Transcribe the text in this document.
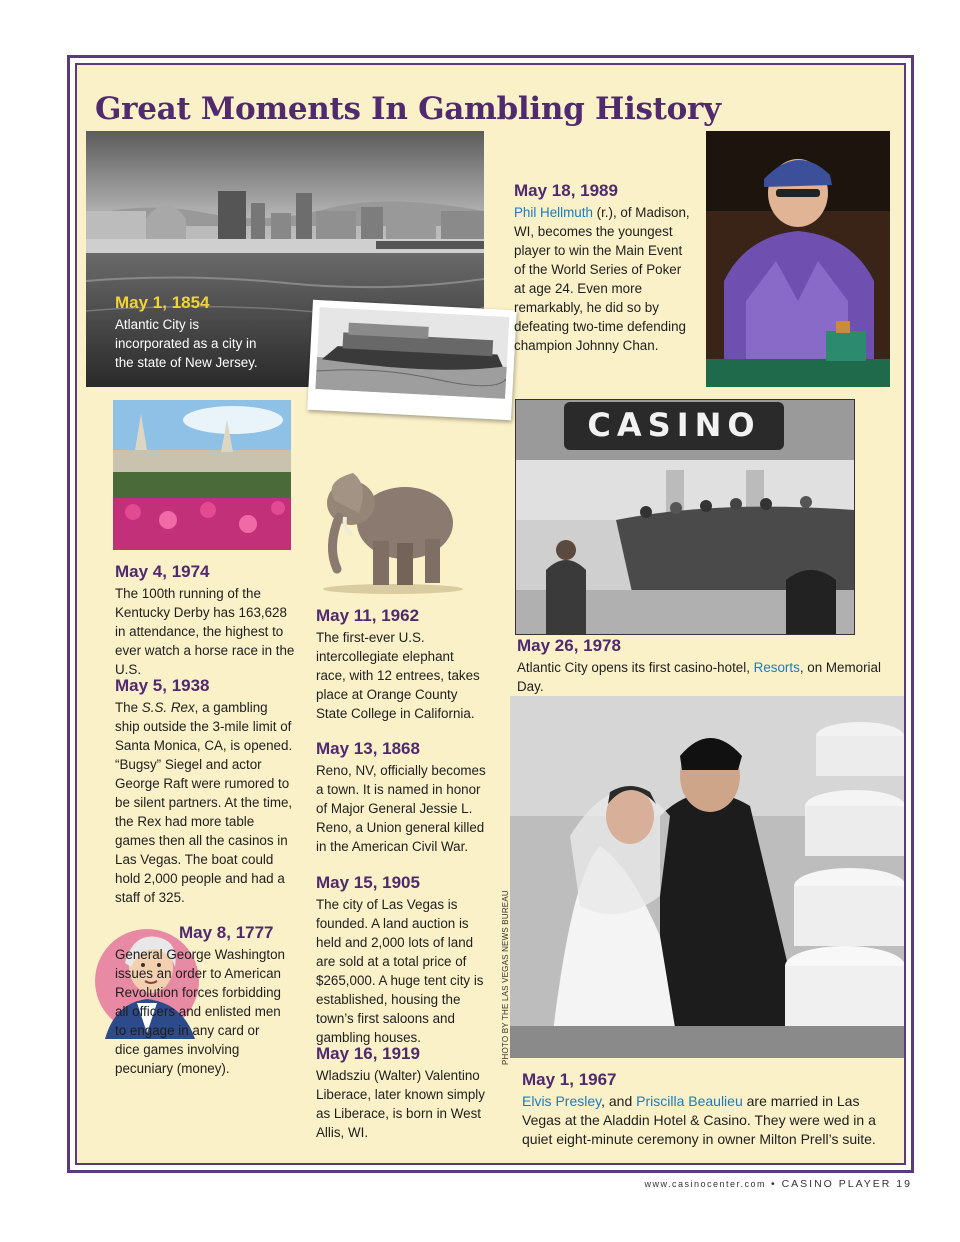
Great Moments In Gambling History

May 1, 1854

Atlantic City is incorporated as a city in the state of New Jersey.

May 18, 1989

Phil Hellmuth (r.), of Madison, WI, becomes the youngest player to win the Main Event of the World Series of Poker at age 24. Even more remarkably, he did so by defeating two-time defending champion Johnny Chan.

May 4, 1974

The 100th running of the Kentucky Derby has 163,628 in attendance, the highest to ever watch a horse race in the U.S.

May 5, 1938

The S.S. Rex, a gambling ship outside the 3-mile limit of Santa Monica, CA, is opened. “Bugsy” Siegel and actor George Raft were rumored to be silent partners. At the time, the Rex had more table games then all the casinos in Las Vegas. The boat could hold 2,000 people and had a staff of 325.

May 8, 1777

General George Washington issues an order to American Revolution forces forbidding all officers and enlisted men to engage in any card or dice games involving pecuniary (money).

May 11, 1962

The first-ever U.S. intercollegiate elephant race, with 12 entrees, takes place at Orange County State College in California.

May 13, 1868

Reno, NV, officially becomes a town. It is named in honor of Major General Jessie L. Reno, a Union general killed in the American Civil War.

May 15, 1905

The city of Las Vegas is founded. A land auction is held and 2,000 lots of land are sold at a total price of $265,000. A huge tent city is established, housing the town’s first saloons and gambling houses.

May 16, 1919

Wladsziu (Walter) Valentino Liberace, later known simply as Liberace, is born in West Allis, WI.

CASINO

May 26, 1978

Atlantic City opens its first casino-hotel, Resorts, on Memorial Day.

PHOTO BY THE LAS VEGAS NEWS BUREAU

May 1, 1967

Elvis Presley, and Priscilla Beaulieu are married in Las Vegas at the Aladdin Hotel & Casino. They were wed in a quiet eight-minute ceremony in owner Milton Prell’s suite.

www.casinocenter.com • CASINO PLAYER 19
